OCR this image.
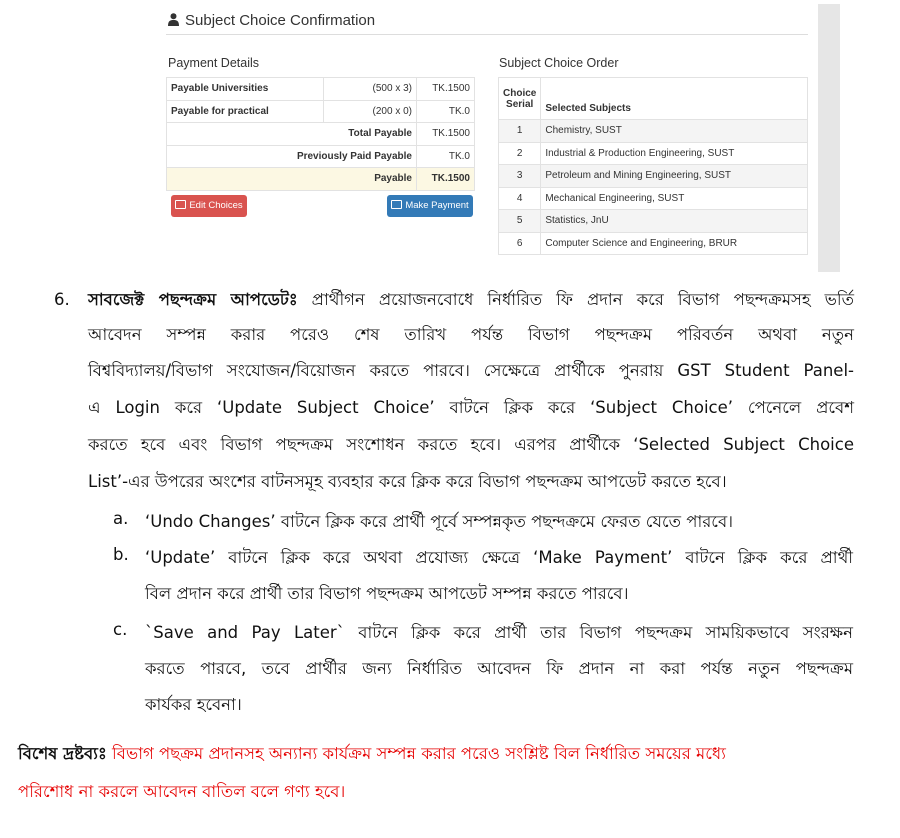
Subject Choice Confirmation
Payment Details	Subject Choice Order
Payable Universities	(500 x 3)	TK.1500
Payable for practical	(200 x 0)	TK.0
Total Payable		TK.1500
Previously Paid Payable		TK.0
Payable		TK.1500
Edit Choices	Make Payment
Choice
Serial	Selected Subjects
1	Chemistry, SUST
2	Industrial & Production Engineering, SUST
3	Petroleum and Mining Engineering, SUST
4	Mechanical Engineering, SUST
5	Statistics, JnU
6	Computer Science and Engineering, BRUR
6. সাবজেক্ট পছন্দক্রম আপডেটঃ প্রার্থীগন প্রয়োজনবোধে নির্ধারিত ফি প্রদান করে বিভাগ পছন্দক্রমসহ ভর্তি
আবেদন সম্পন্ন করার পরেও শেষ তারিখ পর্যন্ত বিভাগ পছন্দক্রম পরিবর্তন অথবা নতুন
বিশ্ববিদ্যালয়/বিভাগ সংযোজন/বিয়োজন করতে পারবে। সেক্ষেত্রে প্রার্থীকে পুনরায় GST Student Panel-
এ Login করে ‘Update Subject Choice’ বাটনে ক্লিক করে ‘Subject Choice’ পেনেলে প্রবেশ
করতে হবে এবং বিভাগ পছন্দক্রম সংশোধন করতে হবে। এরপর প্রার্থীকে ‘Selected Subject Choice
List’-এর উপরের অংশের বাটনসমূহ ব্যবহার করে ক্লিক করে বিভাগ পছন্দক্রম আপডেট করতে হবে।
a. ‘Undo Changes’ বাটনে ক্লিক করে প্রার্থী পূর্বে সম্পন্নকৃত পছন্দক্রমে ফেরত যেতে পারবে।
b. ‘Update’ বাটনে ক্লিক করে অথবা প্রযোজ্য ক্ষেত্রে ‘Make Payment’ বাটনে ক্লিক করে প্রার্থী
বিল প্রদান করে প্রার্থী তার বিভাগ পছন্দক্রম আপডেট সম্পন্ন করতে পারবে।
c. `Save and Pay Later` বাটনে ক্লিক করে প্রার্থী তার বিভাগ পছন্দক্রম সাময়িকভাবে সংরক্ষন
করতে পারবে, তবে প্রার্থীর জন্য নির্ধারিত আবেদন ফি প্রদান না করা পর্যন্ত নতুন পছন্দক্রম
কার্যকর হবেনা।
বিশেষ দ্রষ্টব্যঃ বিভাগ পছক্রম প্রদানসহ অন্যান্য কার্যক্রম সম্পন্ন করার পরেও সংশ্লিষ্ট বিল নির্ধারিত সময়ের মধ্যে
পরিশোধ না করলে আবেদন বাতিল বলে গণ্য হবে।
